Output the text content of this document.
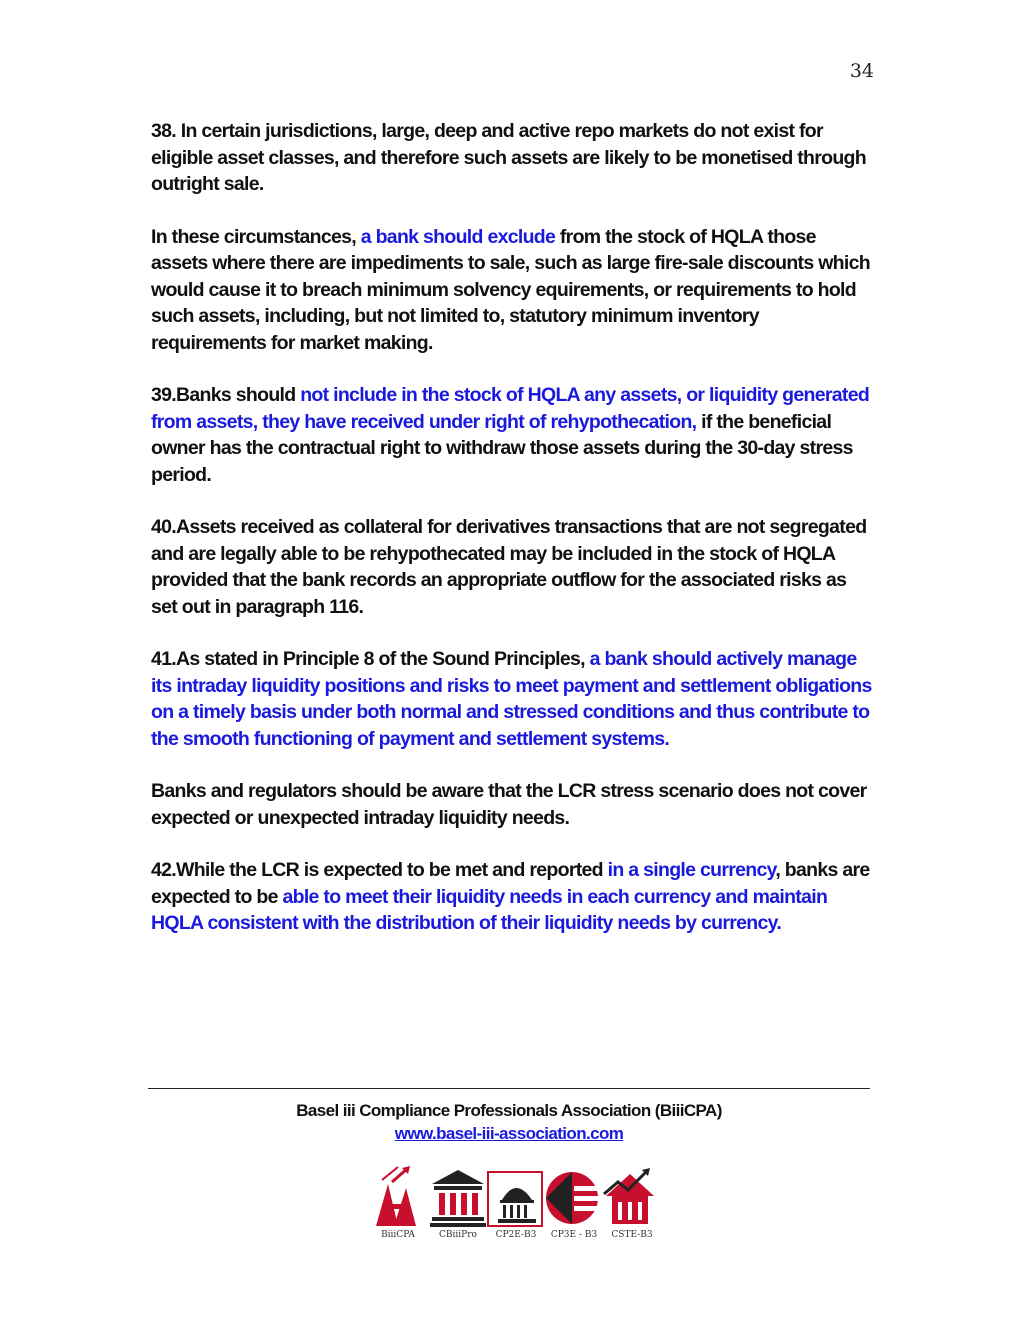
34

38. In certain jurisdictions, large, deep and active repo markets do not exist for eligible asset classes, and therefore such assets are likely to be monetised through outright sale.

In these circumstances, a bank should exclude from the stock of HQLA those assets where there are impediments to sale, such as large fire-sale discounts which would cause it to breach minimum solvency equirements, or requirements to hold such assets, including, but not limited to, statutory minimum inventory requirements for market making.

39.Banks should not include in the stock of HQLA any assets, or liquidity generated from assets, they have received under right of rehypothecation, if the beneficial owner has the contractual right to withdraw those assets during the 30-day stress period.

40.Assets received as collateral for derivatives transactions that are not segregated and are legally able to be rehypothecated may be included in the stock of HQLA provided that the bank records an appropriate outflow for the associated risks as set out in paragraph 116.

41.As stated in Principle 8 of the Sound Principles, a bank should actively manage its intraday liquidity positions and risks to meet payment and settlement obligations on a timely basis under both normal and stressed conditions and thus contribute to the smooth functioning of payment and settlement systems.

Banks and regulators should be aware that the LCR stress scenario does not cover expected or unexpected intraday liquidity needs.

42.While the LCR is expected to be met and reported in a single currency, banks are expected to be able to meet their liquidity needs in each currency and maintain HQLA consistent with the distribution of their liquidity needs by currency.

Basel iii Compliance Professionals Association (BiiiCPA)
www.basel-iii-association.com
BiiiCPA	CBiiiPro	CP2E-B3	CP3E - B3	CSTE-B3
